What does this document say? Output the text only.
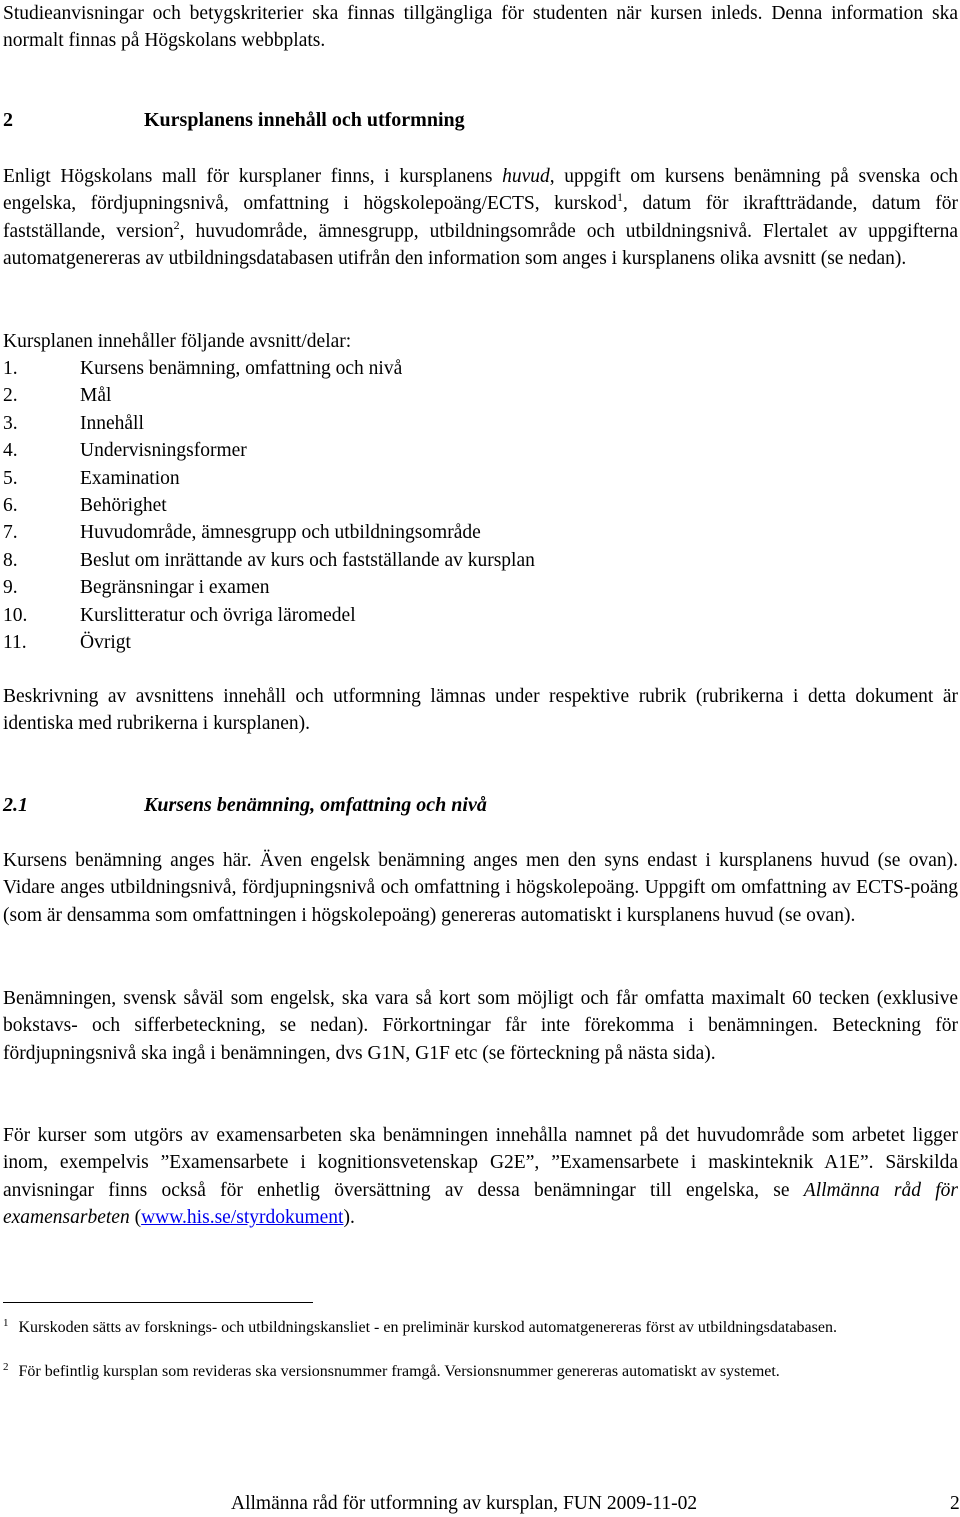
Studieanvisningar och betygskriterier ska finnas tillgängliga för studenten när kursen inleds. Denna information ska normalt finnas på Högskolans webbplats.

2	Kursplanens innehåll och utformning

Enligt Högskolans mall för kursplaner finns, i kursplanens huvud, uppgift om kursens benämning på svenska och engelska, fördjupningsnivå, omfattning i högskolepoäng/ECTS, kurskod$^1$, datum för ikraftträdande, datum för fastställande, version$^2$, huvudområde, ämnesgrupp, utbildningsområde och utbildningsnivå. Flertalet av uppgifterna automatgenereras av utbildningsdatabasen utifrån den information som anges i kursplanens olika avsnitt (se nedan).

Kursplanen innehåller följande avsnitt/delar:

1.	Kursens benämning, omfattning och nivå
2.	Mål
3.	Innehåll
4.	Undervisningsformer
5.	Examination
6.	Behörighet
7.	Huvudområde, ämnesgrupp och utbildningsområde
8.	Beslut om inrättande av kurs och fastställande av kursplan
9.	Begränsningar i examen
10.	Kurslitteratur och övriga läromedel
11.	Övrigt

Beskrivning av avsnittens innehåll och utformning lämnas under respektive rubrik (rubrikerna i detta dokument är identiska med rubrikerna i kursplanen).

2.1	Kursens benämning, omfattning och nivå

Kursens benämning anges här. Även engelsk benämning anges men den syns endast i kursplanens huvud (se ovan). Vidare anges utbildningsnivå, fördjupningsnivå och omfattning i högskolepoäng. Uppgift om omfattning av ECTS-poäng (som är densamma som omfattningen i högskolepoäng) genereras automatiskt i kursplanens huvud (se ovan).

Benämningen, svensk såväl som engelsk, ska vara så kort som möjligt och får omfatta maximalt 60 tecken (exklusive bokstavs- och sifferbeteckning, se nedan). Förkortningar får inte förekomma i benämningen. Beteckning för fördjupningsnivå ska ingå i benämningen, dvs G1N, G1F etc (se förteckning på nästa sida).

För kurser som utgörs av examensarbeten ska benämningen innehålla namnet på det huvudområde som arbetet ligger inom, exempelvis ”Examensarbete i kognitionsvetenskap G2E”, ”Examensarbete i maskinteknik A1E”. Särskilda anvisningar finns också för enhetlig översättning av dessa benämningar till engelska, se Allmänna råd för examensarbeten (www.his.se/styrdokument).

$^1$ Kurskoden sätts av forsknings- och utbildningskansliet - en preliminär kurskod automatgenereras först av utbildningsdatabasen.

$^2$ För befintlig kursplan som revideras ska versionsnummer framgå. Versionsnummer genereras automatiskt av systemet.

Allmänna råd för utformning av kursplan, FUN 2009-11-02	2
